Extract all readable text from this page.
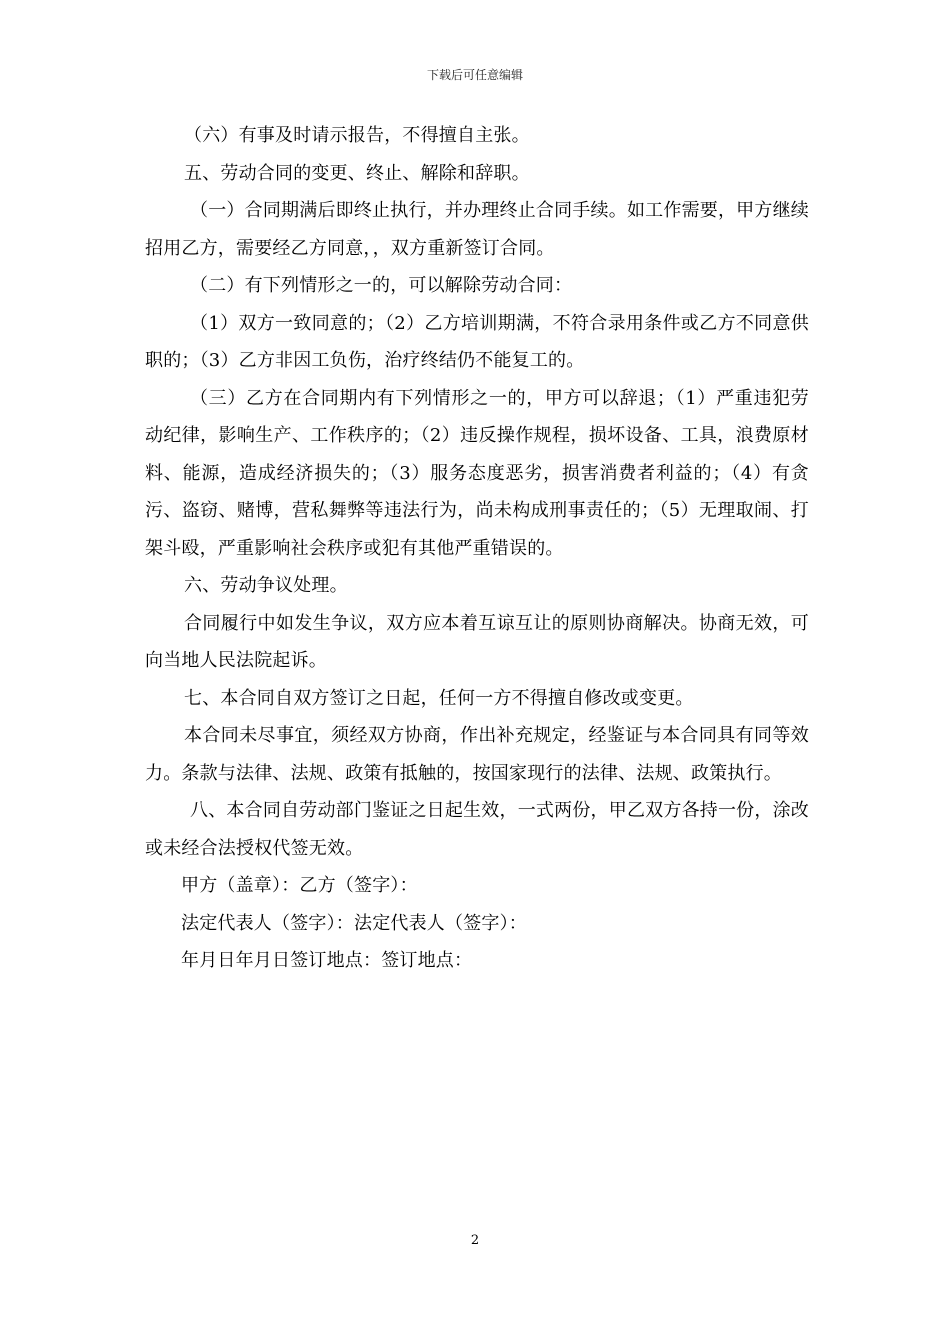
下载后可任意编辑

（六）有事及时请示报告，不得擅自主张。

五、劳动合同的变更、终止、解除和辞职。

（一）合同期满后即终止执行，并办理终止合同手续。如工作需要，甲方继续招用乙方，需要经乙方同意，，双方重新签订合同。

（二）有下列情形之一的，可以解除劳动合同：

（1）双方一致同意的；（2）乙方培训期满，不符合录用条件或乙方不同意供职的；（3）乙方非因工负伤，治疗终结仍不能复工的。

（三）乙方在合同期内有下列情形之一的，甲方可以辞退；（1）严重违犯劳动纪律，影响生产、工作秩序的；（2）违反操作规程，损坏设备、工具，浪费原材料、能源，造成经济损失的；（3）服务态度恶劣，损害消费者利益的；（4）有贪污、盗窃、赌博，营私舞弊等违法行为，尚未构成刑事责任的；（5）无理取闹、打架斗殴，严重影响社会秩序或犯有其他严重错误的。

六、劳动争议处理。

合同履行中如发生争议，双方应本着互谅互让的原则协商解决。协商无效，可向当地人民法院起诉。

七、本合同自双方签订之日起，任何一方不得擅自修改或变更。

本合同未尽事宜，须经双方协商，作出补充规定，经鉴证与本合同具有同等效力。条款与法律、法规、政策有抵触的，按国家现行的法律、法规、政策执行。

八、本合同自劳动部门鉴证之日起生效，一式两份，甲乙双方各持一份，涂改或未经合法授权代签无效。

甲方（盖章）：乙方（签字）：

法定代表人（签字）：法定代表人（签字）：

年月日年月日签订地点：签订地点：

2
